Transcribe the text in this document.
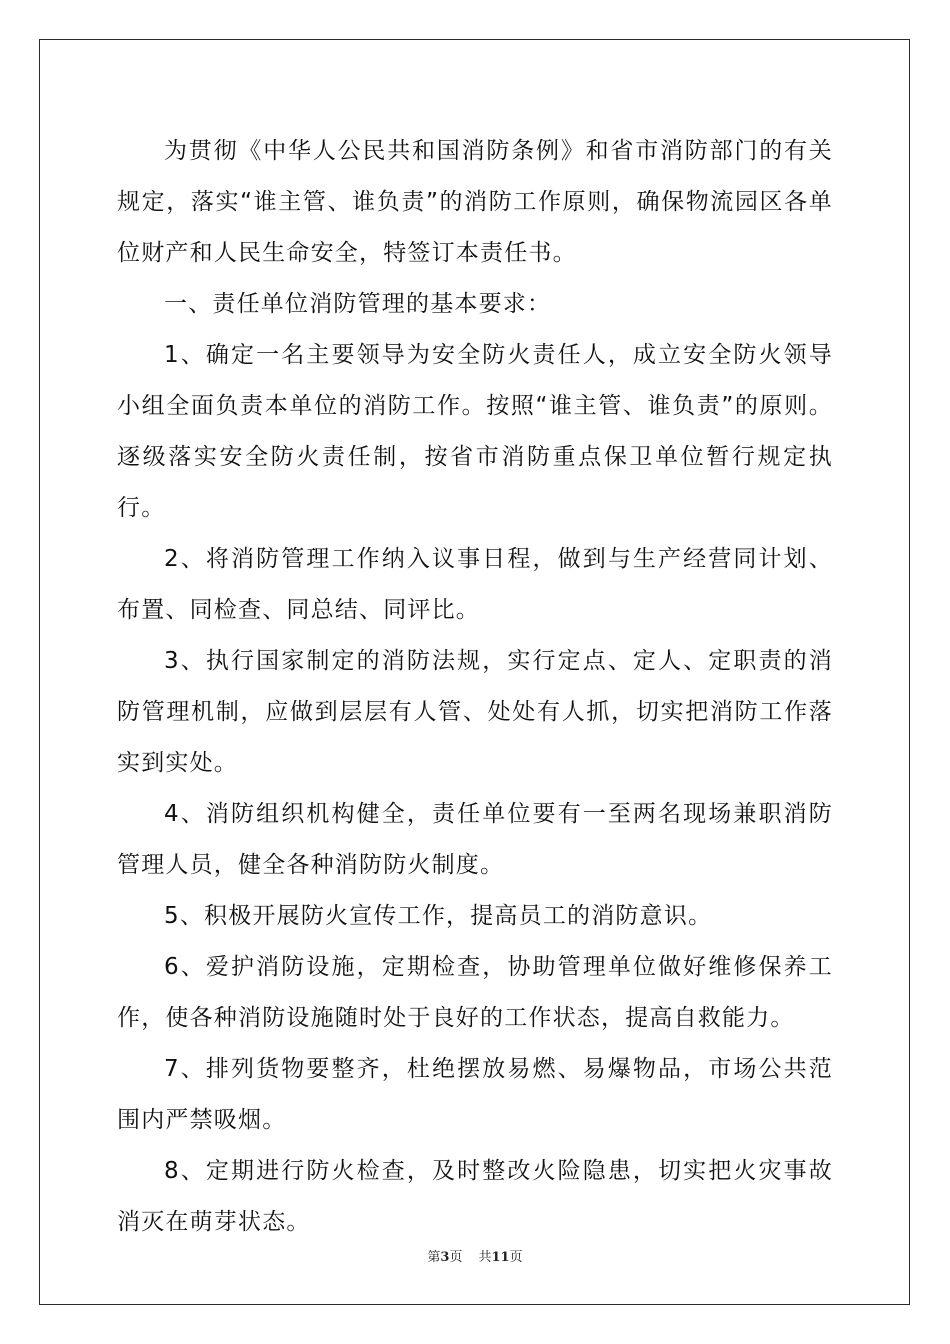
为贯彻《中华人公民共和国消防条例》和省市消防部门的有关规定，落实“谁主管、谁负责”的消防工作原则，确保物流园区各单位财产和人民生命安全，特签订本责任书。

一、责任单位消防管理的基本要求：

1、确定一名主要领导为安全防火责任人，成立安全防火领导小组全面负责本单位的消防工作。按照“谁主管、谁负责”的原则。逐级落实安全防火责任制，按省市消防重点保卫单位暂行规定执行。

2、将消防管理工作纳入议事日程，做到与生产经营同计划、布置、同检查、同总结、同评比。

3、执行国家制定的消防法规，实行定点、定人、定职责的消防管理机制，应做到层层有人管、处处有人抓，切实把消防工作落实到实处。

4、消防组织机构健全，责任单位要有一至两名现场兼职消防管理人员，健全各种消防防火制度。

5、积极开展防火宣传工作，提高员工的消防意识。

6、爱护消防设施，定期检查，协助管理单位做好维修保养工作，使各种消防设施随时处于良好的工作状态，提高自救能力。

7、排列货物要整齐，杜绝摆放易燃、易爆物品，市场公共范围内严禁吸烟。

8、定期进行防火检查，及时整改火险隐患，切实把火灾事故消灭在萌芽状态。

第3页 共11页
